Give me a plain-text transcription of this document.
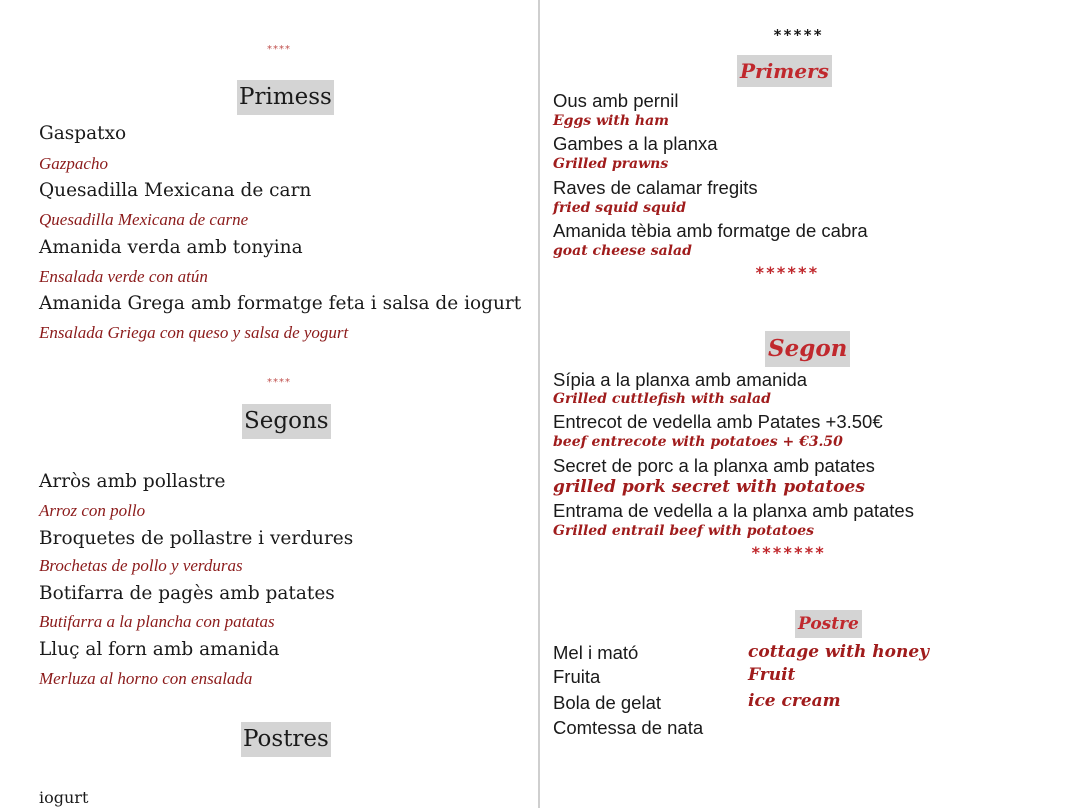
****
Primess
Gaspatxo
Gazpacho
Quesadilla Mexicana de carn
Quesadilla Mexicana de carne
Amanida verda amb tonyina
Ensalada verde con atún
Amanida Grega amb formatge feta i salsa de iogurt
Ensalada Griega con queso y salsa de yogurt
****
Segons
Arròs amb pollastre
Arroz con pollo
Broquetes de pollastre i verdures
Brochetas de pollo y verduras
Botifarra de pagès amb patates
Butifarra a la plancha con patatas
Lluç al forn amb amanida
Merluza al horno con ensalada
Postres
iogurt
*****
Primers
Ous amb pernil
Eggs with ham
Gambes a la planxa
Grilled prawns
Raves de calamar fregits
fried squid squid
Amanida tèbia amb formatge de cabra
goat cheese salad
******
Segon
Sípia a la planxa amb amanida
Grilled cuttlefish with salad
Entrecot de vedella amb Patates +3.50€
beef entrecote with potatoes + €3.50
Secret de porc a la planxa amb patates
grilled pork secret with potatoes
Entrama de vedella a la planxa amb patates
Grilled entrail beef with potatoes
*******
Postre
Mel i mató	cottage with honey
Fruita	Fruit
Bola de gelat	ice cream
Comtessa de nata
